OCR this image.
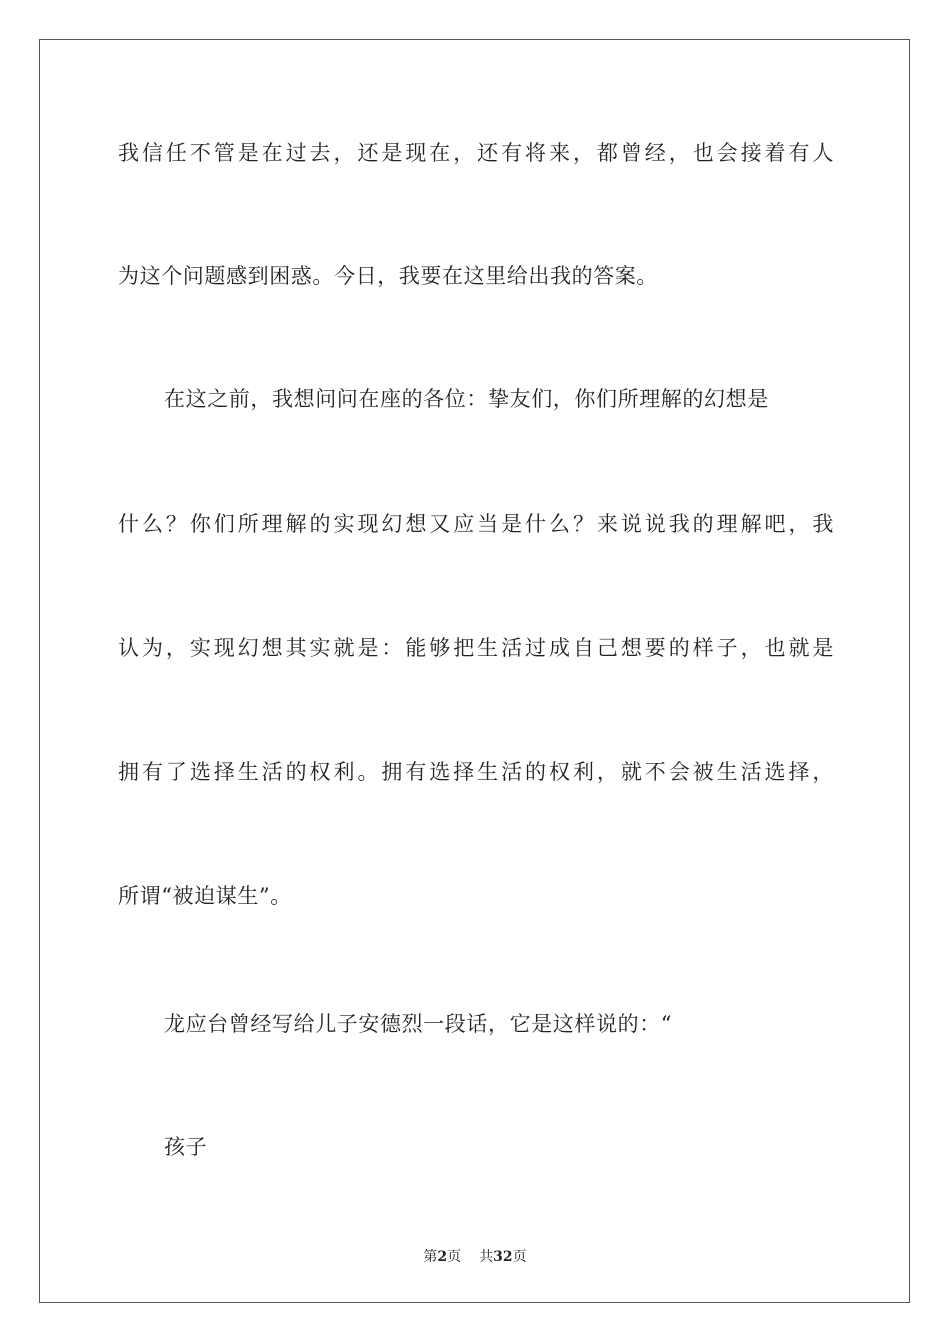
我信任不管是在过去，还是现在，还有将来，都曾经，也会接着有人
为这个问题感到困惑。今日，我要在这里给出我的答案。
在这之前，我想问问在座的各位：挚友们，你们所理解的幻想是
什么？你们所理解的实现幻想又应当是什么？来说说我的理解吧，我
认为，实现幻想其实就是：能够把生活过成自己想要的样子，也就是
拥有了选择生活的权利。拥有选择生活的权利，就不会被生活选择，
所谓“被迫谋生”。
龙应台曾经写给儿子安德烈一段话，它是这样说的：“
孩子
第2页 共32页
